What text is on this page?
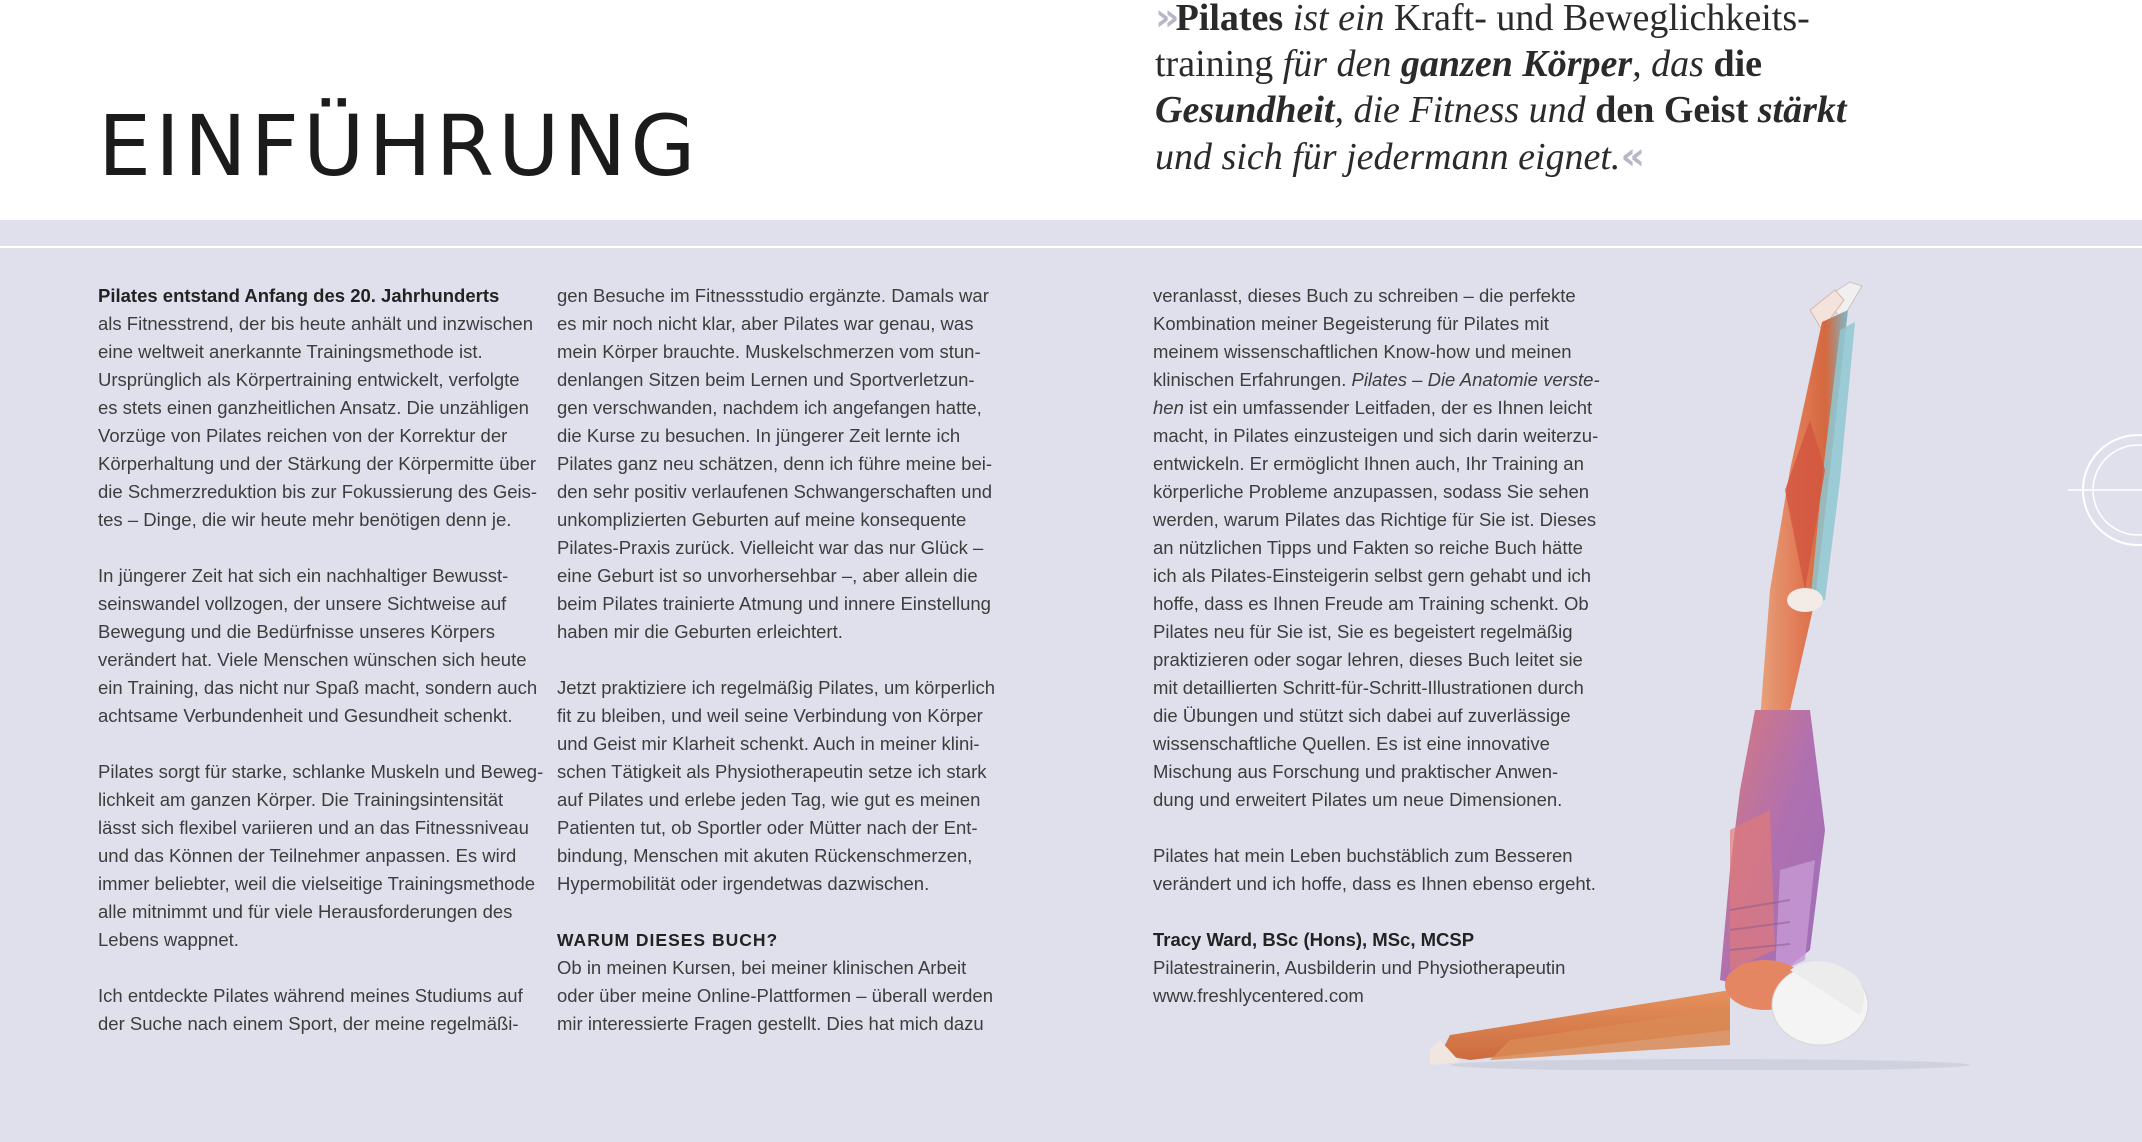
EINFÜHRUNG
»Pilates ist ein Kraft- und Beweglichkeits-
training für den ganzen Körper, das die
Gesundheit, die Fitness und den Geist stärkt
und sich für jedermann eignet.«
Pilates entstand Anfang des 20. Jahrhunderts
als Fitnesstrend, der bis heute anhält und inzwischen
eine weltweit anerkannte Trainingsmethode ist.
Ursprünglich als Körpertraining entwickelt, verfolgte
es stets einen ganzheitlichen Ansatz. Die unzähligen
Vorzüge von Pilates reichen von der Korrektur der
Körperhaltung und der Stärkung der Körpermitte über
die Schmerzreduktion bis zur Fokussierung des Geis-
tes – Dinge, die wir heute mehr benötigen denn je.
In jüngerer Zeit hat sich ein nachhaltiger Bewusst-
seinswandel vollzogen, der unsere Sichtweise auf
Bewegung und die Bedürfnisse unseres Körpers
verändert hat. Viele Menschen wünschen sich heute
ein Training, das nicht nur Spaß macht, sondern auch
achtsame Verbundenheit und Gesundheit schenkt.
Pilates sorgt für starke, schlanke Muskeln und Beweg-
lichkeit am ganzen Körper. Die Trainingsintensität
lässt sich flexibel variieren und an das Fitnessniveau
und das Können der Teilnehmer anpassen. Es wird
immer beliebter, weil die vielseitige Trainingsmethode
alle mitnimmt und für viele Herausforderungen des
Lebens wappnet.
Ich entdeckte Pilates während meines Studiums auf
der Suche nach einem Sport, der meine regelmäßi-
gen Besuche im Fitnessstudio ergänzte. Damals war
es mir noch nicht klar, aber Pilates war genau, was
mein Körper brauchte. Muskelschmerzen vom stun-
denlangen Sitzen beim Lernen und Sportverletzun-
gen verschwanden, nachdem ich angefangen hatte,
die Kurse zu besuchen. In jüngerer Zeit lernte ich
Pilates ganz neu schätzen, denn ich führe meine bei-
den sehr positiv verlaufenen Schwangerschaften und
unkomplizierten Geburten auf meine konsequente
Pilates-Praxis zurück. Vielleicht war das nur Glück –
eine Geburt ist so unvorhersehbar –, aber allein die
beim Pilates trainierte Atmung und innere Einstellung
haben mir die Geburten erleichtert.
Jetzt praktiziere ich regelmäßig Pilates, um körperlich
fit zu bleiben, und weil seine Verbindung von Körper
und Geist mir Klarheit schenkt. Auch in meiner klini-
schen Tätigkeit als Physiotherapeutin setze ich stark
auf Pilates und erlebe jeden Tag, wie gut es meinen
Patienten tut, ob Sportler oder Mütter nach der Ent-
bindung, Menschen mit akuten Rückenschmerzen,
Hypermobilität oder irgendetwas dazwischen.
WARUM DIESES BUCH?
Ob in meinen Kursen, bei meiner klinischen Arbeit
oder über meine Online-Plattformen – überall werden
mir interessierte Fragen gestellt. Dies hat mich dazu
veranlasst, dieses Buch zu schreiben – die perfekte
Kombination meiner Begeisterung für Pilates mit
meinem wissenschaftlichen Know-how und meinen
klinischen Erfahrungen. Pilates – Die Anatomie verste-
hen ist ein umfassender Leitfaden, der es Ihnen leicht
macht, in Pilates einzusteigen und sich darin weiterzu-
entwickeln. Er ermöglicht Ihnen auch, Ihr Training an
körperliche Probleme anzupassen, sodass Sie sehen
werden, warum Pilates das Richtige für Sie ist. Dieses
an nützlichen Tipps und Fakten so reiche Buch hätte
ich als Pilates-Einsteigerin selbst gern gehabt und ich
hoffe, dass es Ihnen Freude am Training schenkt. Ob
Pilates neu für Sie ist, Sie es begeistert regelmäßig
praktizieren oder sogar lehren, dieses Buch leitet sie
mit detaillierten Schritt-für-Schritt-Illustrationen durch
die Übungen und stützt sich dabei auf zuverlässige
wissenschaftliche Quellen. Es ist eine innovative
Mischung aus Forschung und praktischer Anwen-
dung und erweitert Pilates um neue Dimensionen.
Pilates hat mein Leben buchstäblich zum Besseren
verändert und ich hoffe, dass es Ihnen ebenso ergeht.
Tracy Ward, BSc (Hons), MSc, MCSP
Pilatestrainerin, Ausbilderin und Physiotherapeutin
www.freshlycentered.com
